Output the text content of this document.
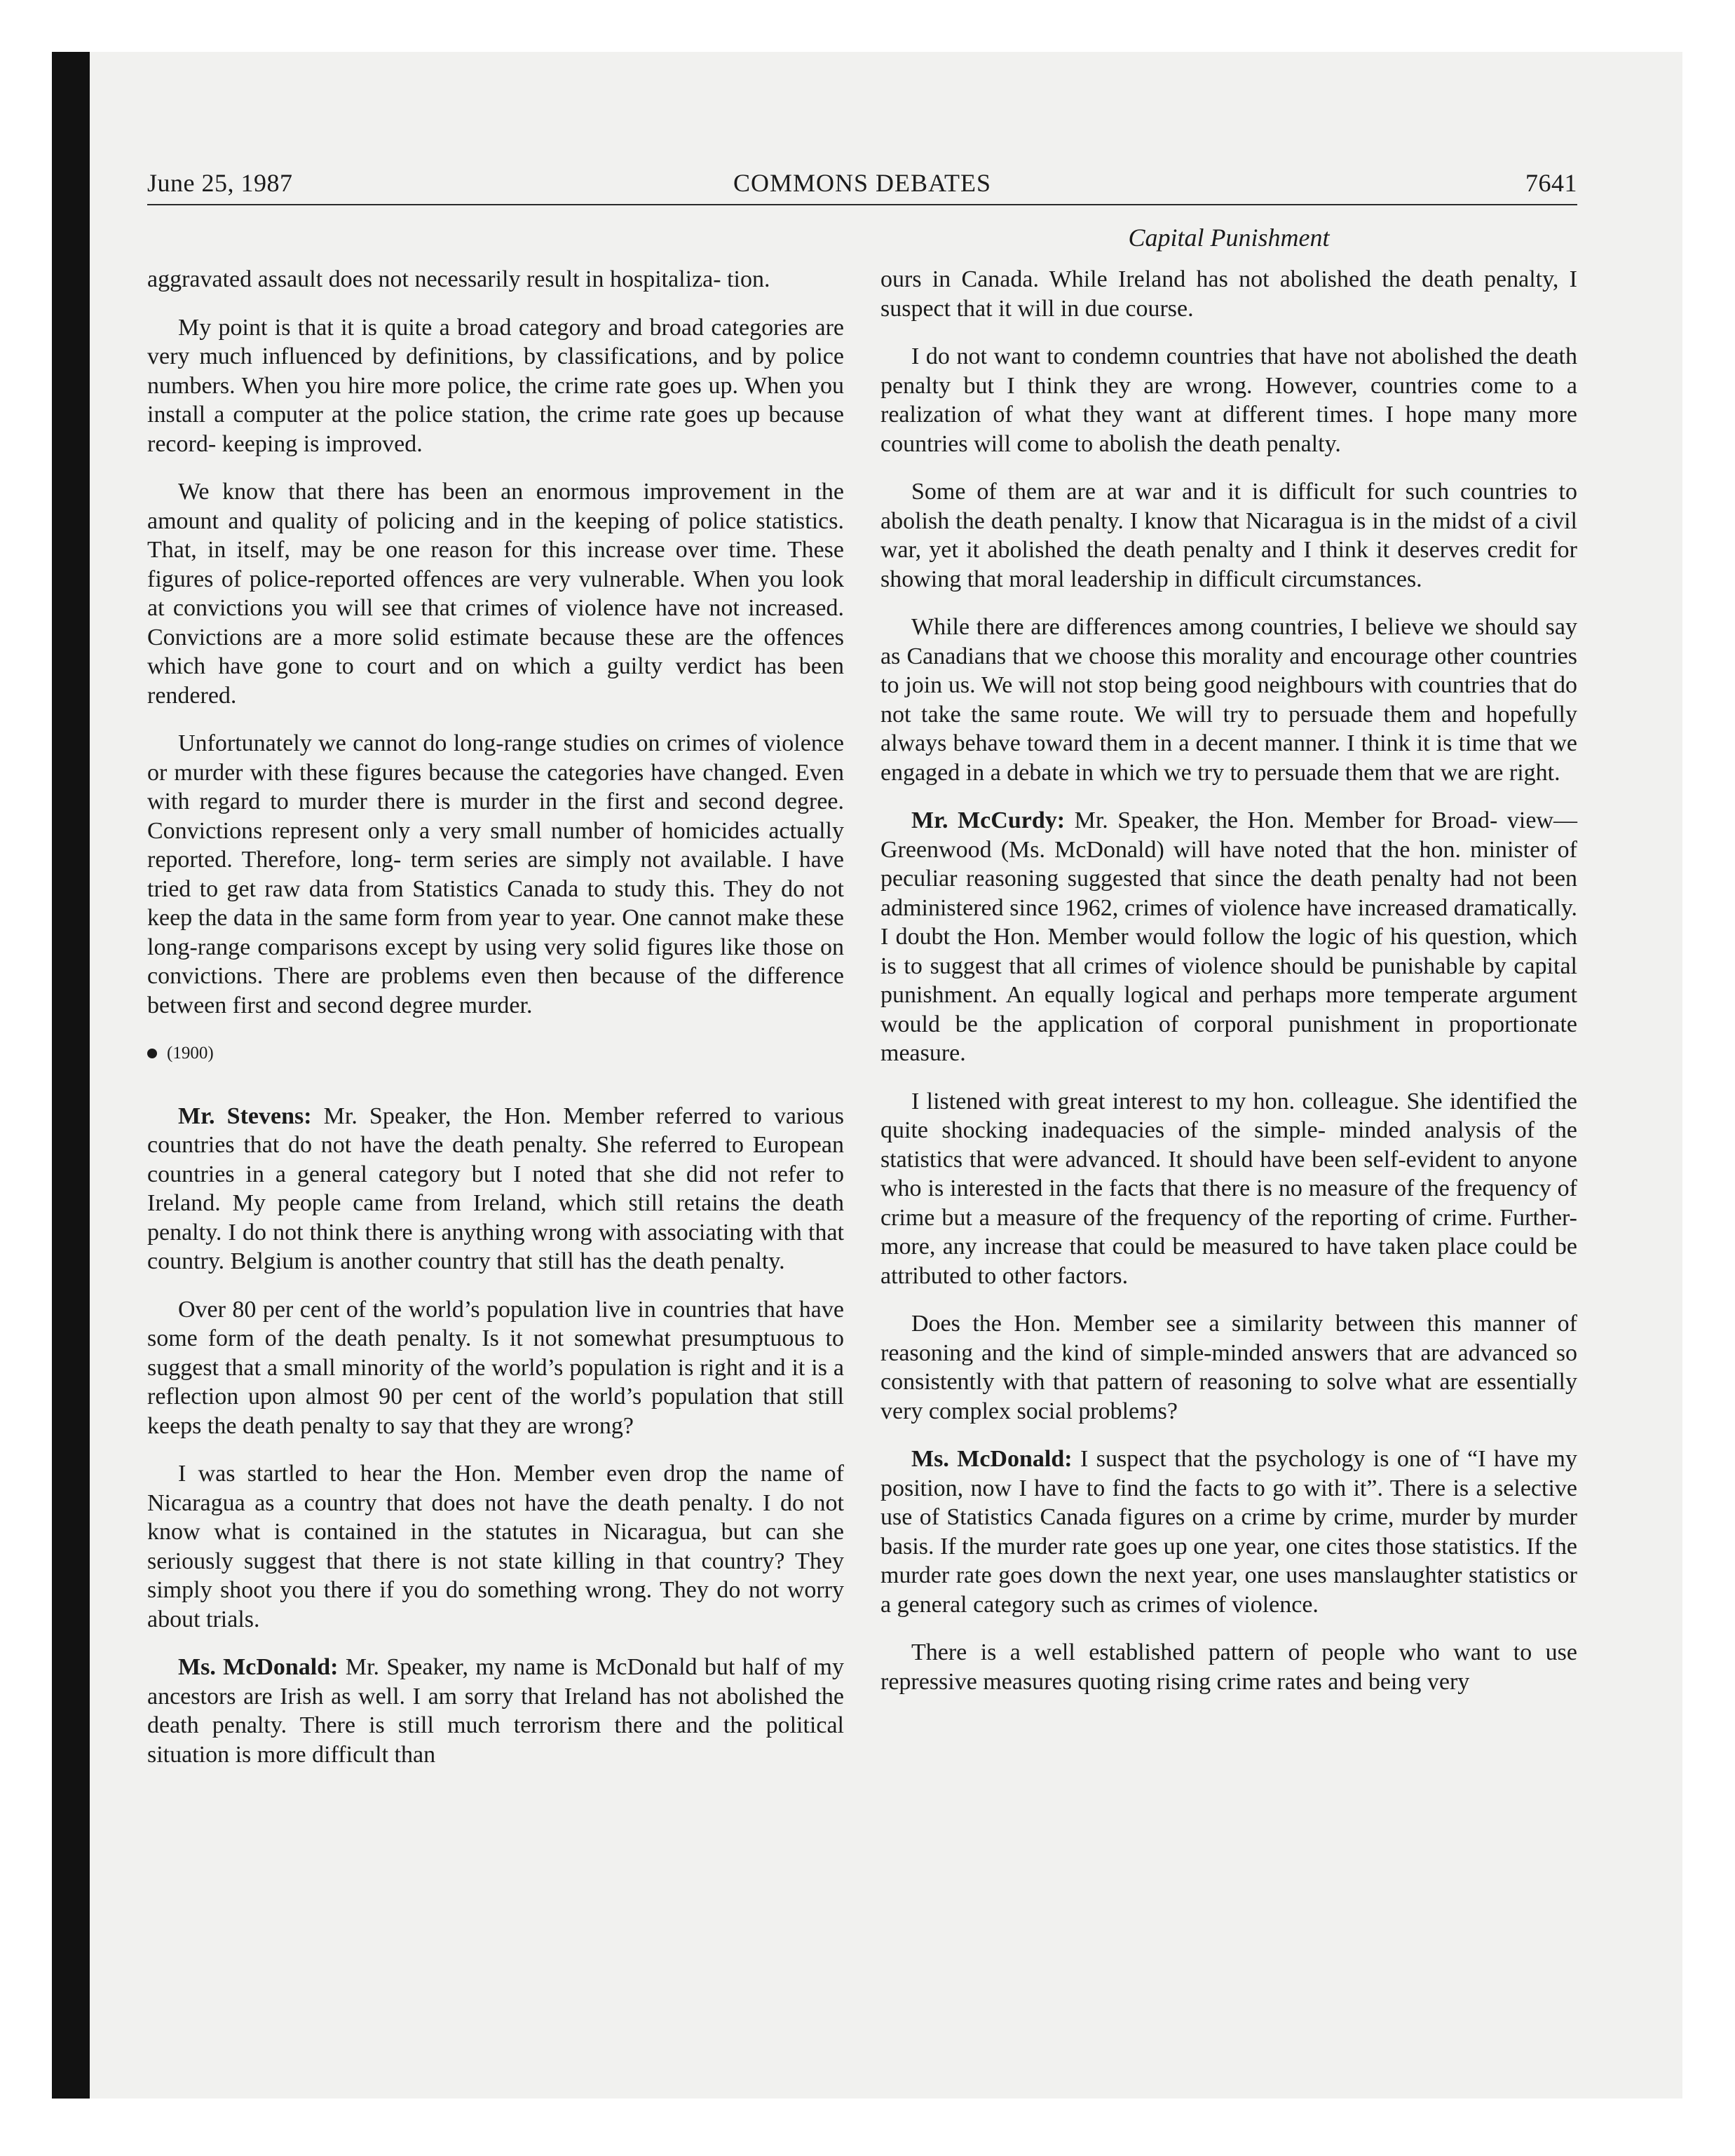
June 25, 1987	COMMONS DEBATES	7641
Capital Punishment

aggravated assault does not necessarily result in hospitaliza- tion.

My point is that it is quite a broad category and broad categories are very much influenced by definitions, by classifications, and by police numbers. When you hire more police, the crime rate goes up. When you install a computer at the police station, the crime rate goes up because record- keeping is improved.

We know that there has been an enormous improvement in the amount and quality of policing and in the keeping of police statistics. That, in itself, may be one reason for this increase over time. These figures of police-reported offences are very vulnerable. When you look at convictions you will see that crimes of violence have not increased. Convictions are a more solid estimate because these are the offences which have gone to court and on which a guilty verdict has been rendered.

Unfortunately we cannot do long-range studies on crimes of violence or murder with these figures because the categories have changed. Even with regard to murder there is murder in the first and second degree. Convictions represent only a very small number of homicides actually reported. Therefore, long- term series are simply not available. I have tried to get raw data from Statistics Canada to study this. They do not keep the data in the same form from year to year. One cannot make these long-range comparisons except by using very solid figures like those on convictions. There are problems even then because of the difference between first and second degree murder.

(1900)

Mr. Stevens: Mr. Speaker, the Hon. Member referred to various countries that do not have the death penalty. She referred to European countries in a general category but I noted that she did not refer to Ireland. My people came from Ireland, which still retains the death penalty. I do not think there is anything wrong with associating with that country. Belgium is another country that still has the death penalty.

Over 80 per cent of the world’s population live in countries that have some form of the death penalty. Is it not somewhat presumptuous to suggest that a small minority of the world’s population is right and it is a reflection upon almost 90 per cent of the world’s population that still keeps the death penalty to say that they are wrong?

I was startled to hear the Hon. Member even drop the name of Nicaragua as a country that does not have the death penalty. I do not know what is contained in the statutes in Nicaragua, but can she seriously suggest that there is not state killing in that country? They simply shoot you there if you do something wrong. They do not worry about trials.

Ms. McDonald: Mr. Speaker, my name is McDonald but half of my ancestors are Irish as well. I am sorry that Ireland has not abolished the death penalty. There is still much terrorism there and the political situation is more difficult than

ours in Canada. While Ireland has not abolished the death penalty, I suspect that it will in due course.

I do not want to condemn countries that have not abolished the death penalty but I think they are wrong. However, countries come to a realization of what they want at different times. I hope many more countries will come to abolish the death penalty.

Some of them are at war and it is difficult for such countries to abolish the death penalty. I know that Nicaragua is in the midst of a civil war, yet it abolished the death penalty and I think it deserves credit for showing that moral leadership in difficult circumstances.

While there are differences among countries, I believe we should say as Canadians that we choose this morality and encourage other countries to join us. We will not stop being good neighbours with countries that do not take the same route. We will try to persuade them and hopefully always behave toward them in a decent manner. I think it is time that we engaged in a debate in which we try to persuade them that we are right.

Mr. McCurdy: Mr. Speaker, the Hon. Member for Broad- view—Greenwood (Ms. McDonald) will have noted that the hon. minister of peculiar reasoning suggested that since the death penalty had not been administered since 1962, crimes of violence have increased dramatically. I doubt the Hon. Member would follow the logic of his question, which is to suggest that all crimes of violence should be punishable by capital punishment. An equally logical and perhaps more temperate argument would be the application of corporal punishment in proportionate measure.

I listened with great interest to my hon. colleague. She identified the quite shocking inadequacies of the simple- minded analysis of the statistics that were advanced. It should have been self-evident to anyone who is interested in the facts that there is no measure of the frequency of crime but a measure of the frequency of the reporting of crime. Further- more, any increase that could be measured to have taken place could be attributed to other factors.

Does the Hon. Member see a similarity between this manner of reasoning and the kind of simple-minded answers that are advanced so consistently with that pattern of reasoning to solve what are essentially very complex social problems?

Ms. McDonald: I suspect that the psychology is one of “I have my position, now I have to find the facts to go with it”. There is a selective use of Statistics Canada figures on a crime by crime, murder by murder basis. If the murder rate goes up one year, one cites those statistics. If the murder rate goes down the next year, one uses manslaughter statistics or a general category such as crimes of violence.

There is a well established pattern of people who want to use repressive measures quoting rising crime rates and being very
